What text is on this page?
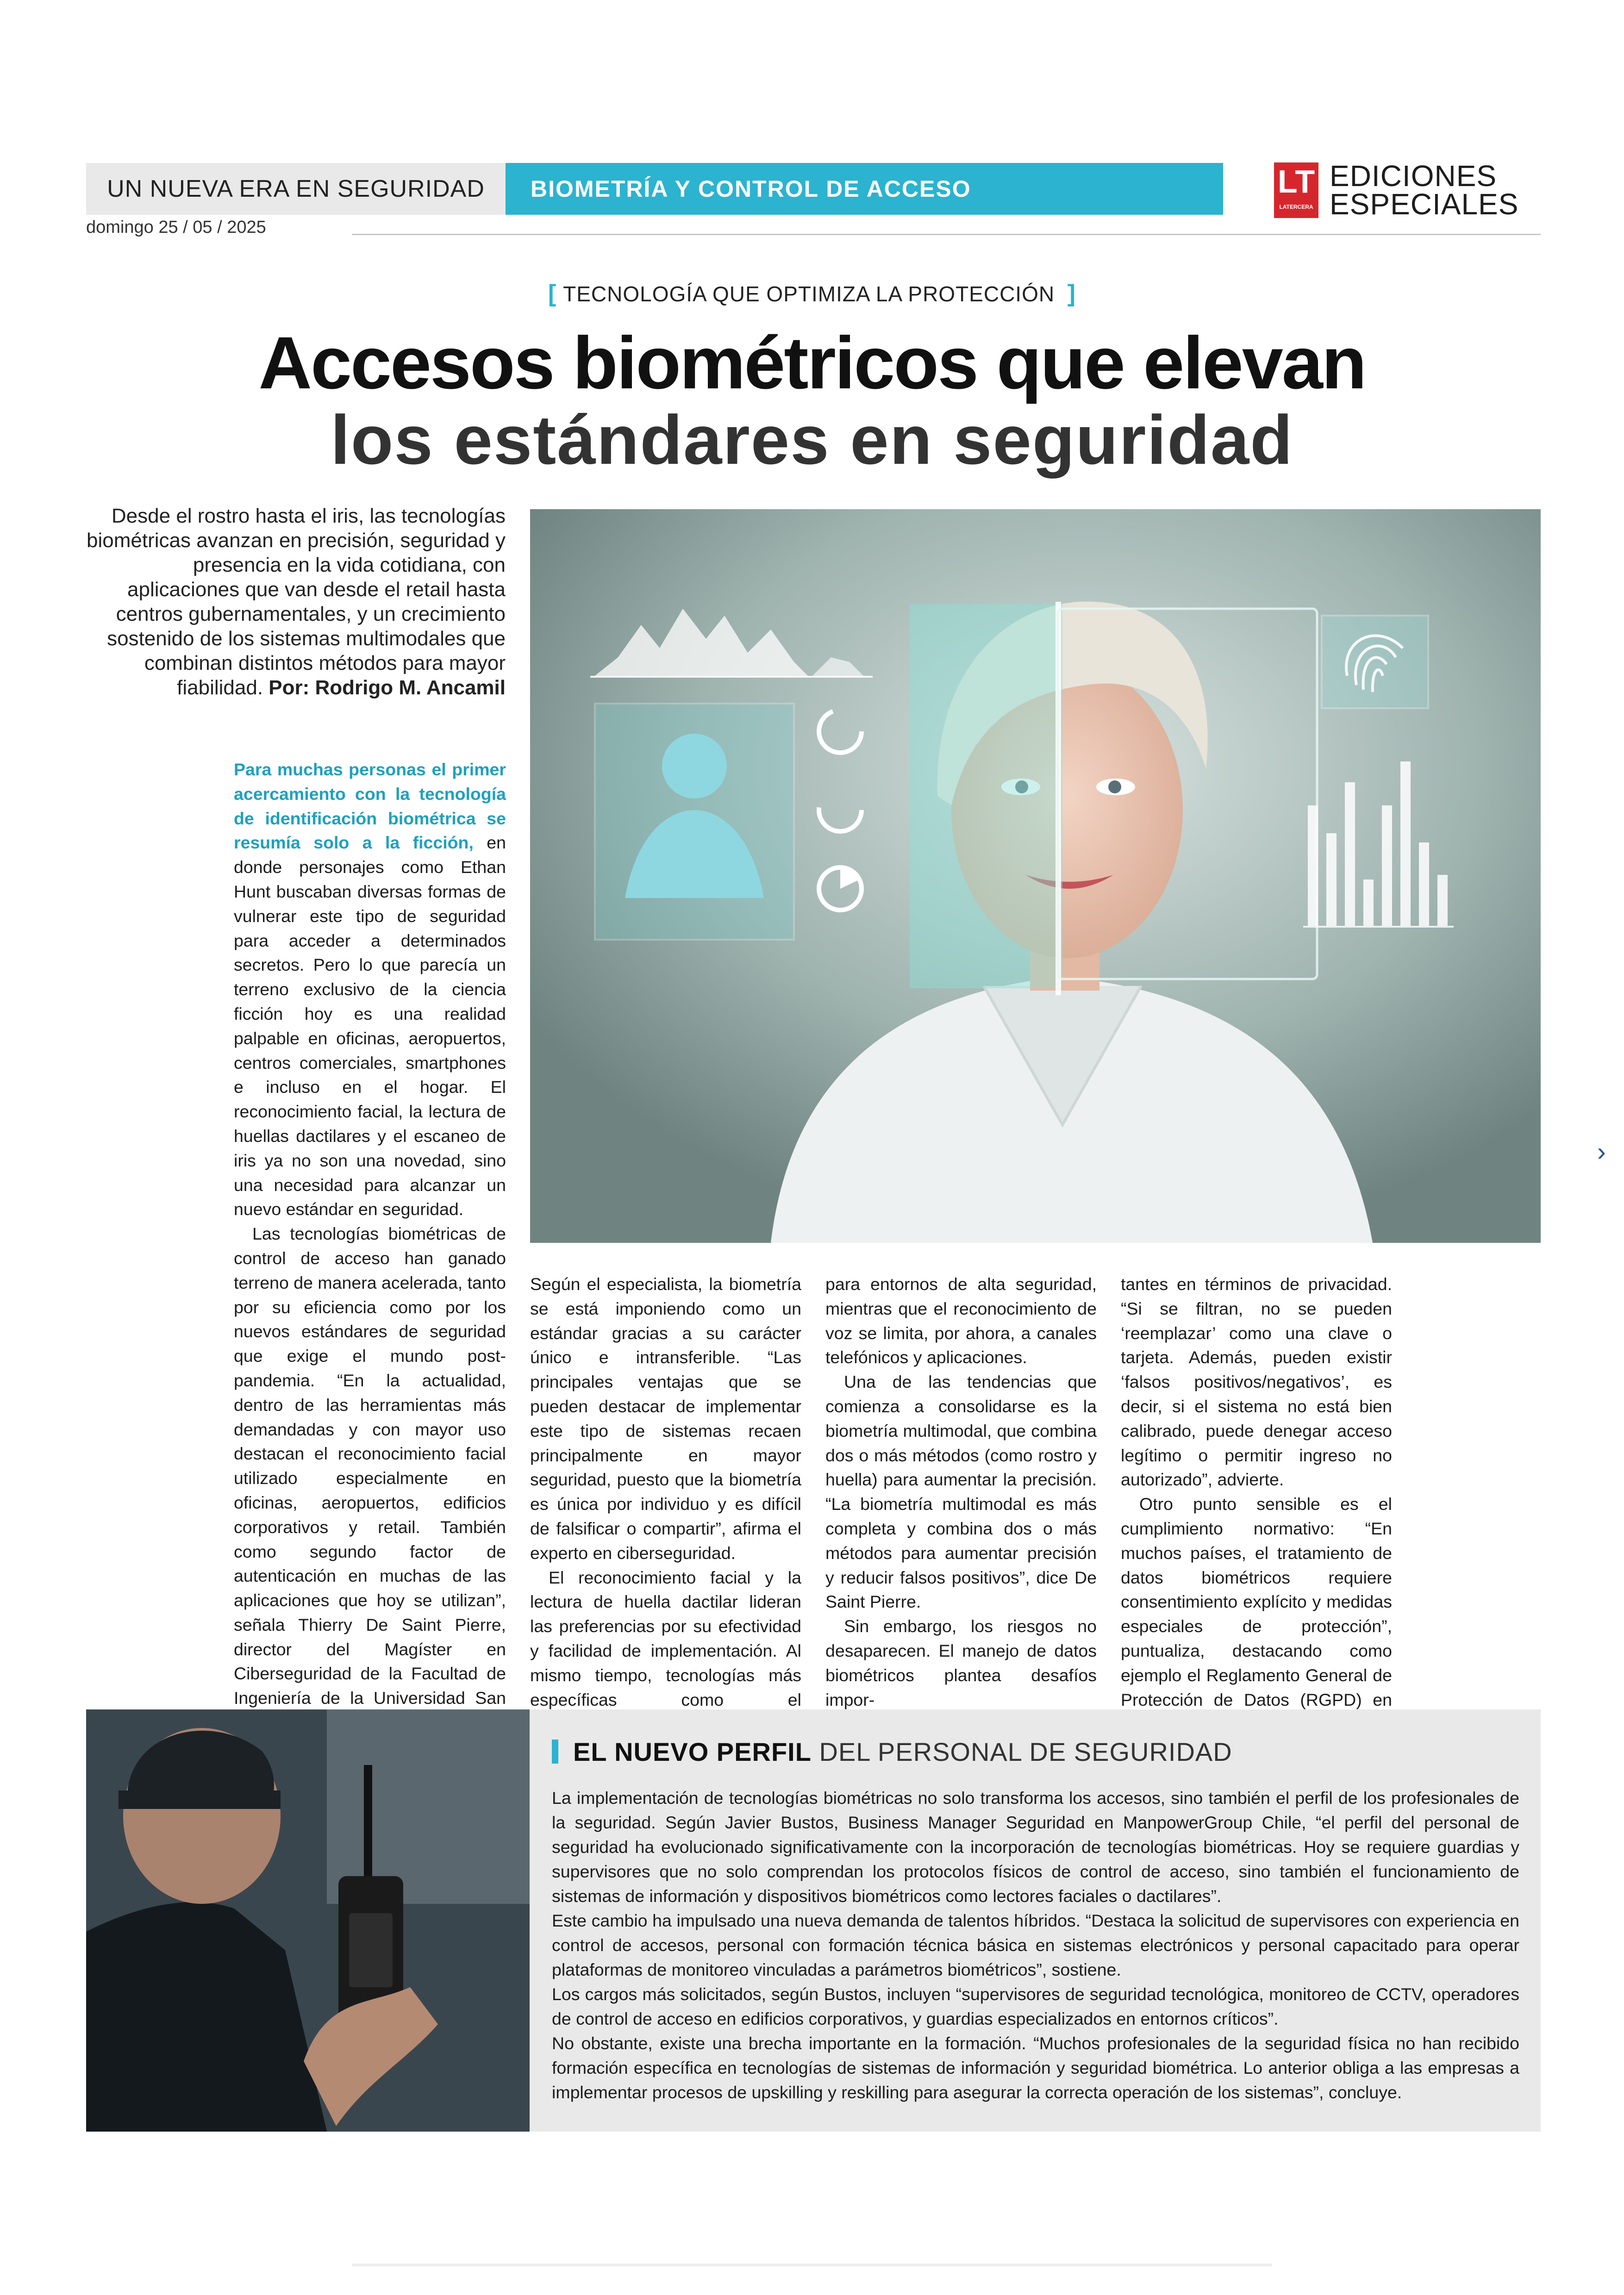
UN NUEVA ERA EN SEGURIDAD	BIOMETRÍA Y CONTROL DE ACCESO	LT
LATERCERA
EDICIONES
ESPECIALES
domingo 25 / 05 / 2025
[ TECNOLOGÍA QUE OPTIMIZA LA PROTECCIÓN ]
Accesos biométricos que elevan
los estándares en seguridad
Desde el rostro hasta el iris, las tecnologías biométricas avanzan en precisión, seguridad y presencia en la vida cotidiana, con aplicaciones que van desde el retail hasta centros gubernamentales, y un crecimiento sostenido de los sistemas multimodales que combinan distintos métodos para mayor fiabilidad. Por: Rodrigo M. Ancamil

Para muchas personas el primer acercamiento con la tecnología de identificación biométrica se resumía solo a la ficción, en donde personajes como Ethan Hunt buscaban diversas formas de vulnerar este tipo de seguridad para acceder a determinados secretos. Pero lo que parecía un terreno exclusivo de la ciencia ficción hoy es una realidad palpable en oficinas, aeropuertos, centros comerciales, smartphones e incluso en el hogar. El reconocimiento facial, la lectura de huellas dactilares y el escaneo de iris ya no son una novedad, sino una necesidad para alcanzar un nuevo estándar en seguridad.

Las tecnologías biométricas de control de acceso han ganado terreno de manera acelerada, tanto por su eficiencia como por los nuevos estándares de seguridad que exige el mundo post-pandemia. “En la actualidad, dentro de las herramientas más demandadas y con mayor uso destacan el reconocimiento facial utilizado especialmente en oficinas, aeropuertos, edificios corporativos y retail. También como segundo factor de autenticación en muchas de las aplicaciones que hoy se utilizan”, señala Thierry De Saint Pierre, director del Magíster en Ciberseguridad de la Facultad de Ingeniería de la Universidad San

Según el especialista, la biometría se está imponiendo como un estándar gracias a su carácter único e intransferible. “Las principales ventajas que se pueden destacar de implementar este tipo de sistemas recaen principalmente en mayor seguridad, puesto que la biometría es única por individuo y es difícil de falsificar o compartir”, afirma el experto en ciberseguridad.

El reconocimiento facial y la lectura de huella dactilar lideran las preferencias por su efectividad y facilidad de implementación. Al mismo tiempo, tecnologías más específicas como el

para entornos de alta seguridad, mientras que el reconocimiento de voz se limita, por ahora, a canales telefónicos y aplicaciones.

Una de las tendencias que comienza a consolidarse es la biometría multimodal, que combina dos o más métodos (como rostro y huella) para aumentar la precisión. “La biometría multimodal es más completa y combina dos o más métodos para aumentar precisión y reducir falsos positivos”, dice De Saint Pierre.

Sin embargo, los riesgos no desaparecen. El manejo de datos biométricos plantea desafíos impor-

tantes en términos de privacidad. “Si se filtran, no se pueden ‘reemplazar’ como una clave o tarjeta. Además, pueden existir ‘falsos positivos/negativos’, es decir, si el sistema no está bien calibrado, puede denegar acceso legítimo o permitir ingreso no autorizado”, advierte.

Otro punto sensible es el cumplimiento normativo: “En muchos países, el tratamiento de datos biométricos requiere consentimiento explícito y medidas especiales de protección”, puntualiza, destacando como ejemplo el Reglamento General de Protección de Datos (RGPD) en

EL NUEVO PERFIL DEL PERSONAL DE SEGURIDAD

La implementación de tecnologías biométricas no solo transforma los accesos, sino también el perfil de los profesionales de la seguridad. Según Javier Bustos, Business Manager Seguridad en ManpowerGroup Chile, “el perfil del personal de seguridad ha evolucionado significativamente con la incorporación de tecnologías biométricas. Hoy se requiere guardias y supervisores que no solo comprendan los protocolos físicos de control de acceso, sino también el funcionamiento de sistemas de información y dispositivos biométricos como lectores faciales o dactilares”.

Este cambio ha impulsado una nueva demanda de talentos híbridos. “Destaca la solicitud de supervisores con experiencia en control de accesos, personal con formación técnica básica en sistemas electrónicos y personal capacitado para operar plataformas de monitoreo vinculadas a parámetros biométricos”, sostiene.

Los cargos más solicitados, según Bustos, incluyen “supervisores de seguridad tecnológica, monitoreo de CCTV, operadores de control de acceso en edificios corporativos, y guardias especializados en entornos críticos”.

No obstante, existe una brecha importante en la formación. “Muchos profesionales de la seguridad física no han recibido formación específica en tecnologías de sistemas de información y seguridad biométrica. Lo anterior obliga a las empresas a implementar procesos de upskilling y reskilling para asegurar la correcta operación de los sistemas”, concluye.

›
